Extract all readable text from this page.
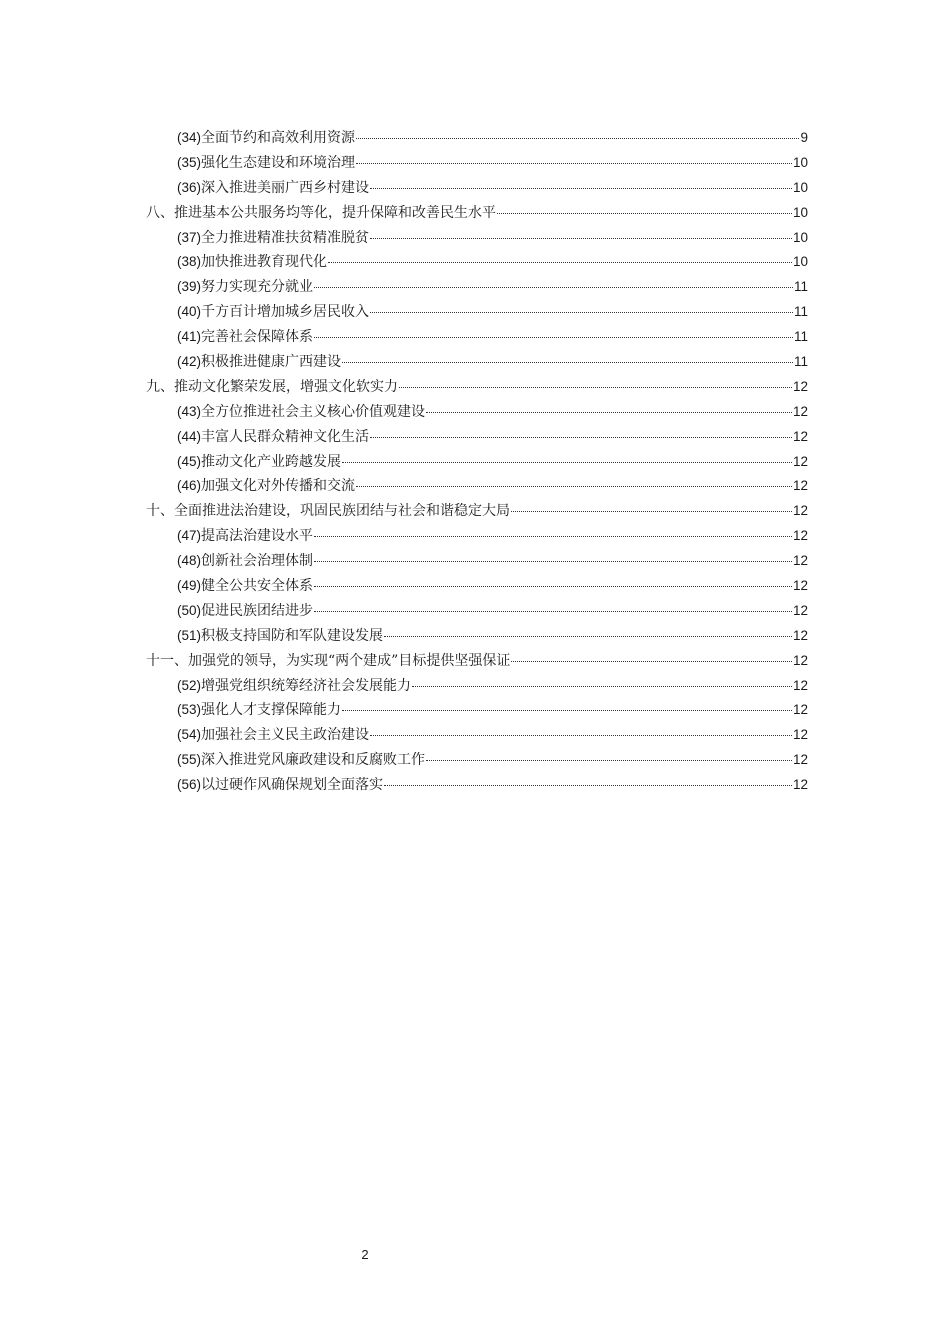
(34)全面节约和高效利用资源	9
(35)强化生态建设和环境治理	10
(36)深入推进美丽广西乡村建设	10
八、推进基本公共服务均等化，提升保障和改善民生水平	10
(37)全力推进精准扶贫精准脱贫	10
(38)加快推进教育现代化	10
(39)努力实现充分就业	11
(40)千方百计增加城乡居民收入	11
(41)完善社会保障体系	11
(42)积极推进健康广西建设	11
九、推动文化繁荣发展，增强文化软实力	12
(43)全方位推进社会主义核心价值观建设	12
(44)丰富人民群众精神文化生活	12
(45)推动文化产业跨越发展	12
(46)加强文化对外传播和交流	12
十、全面推进法治建设，巩固民族团结与社会和谐稳定大局	12
(47)提高法治建设水平	12
(48)创新社会治理体制	12
(49)健全公共安全体系	12
(50)促进民族团结进步	12
(51)积极支持国防和军队建设发展	12
十一、加强党的领导，为实现“两个建成”目标提供坚强保证	12
(52)增强党组织统筹经济社会发展能力	12
(53)强化人才支撑保障能力	12
(54)加强社会主义民主政治建设	12
(55)深入推进党风廉政建设和反腐败工作	12
(56)以过硬作风确保规划全面落实	12
2
